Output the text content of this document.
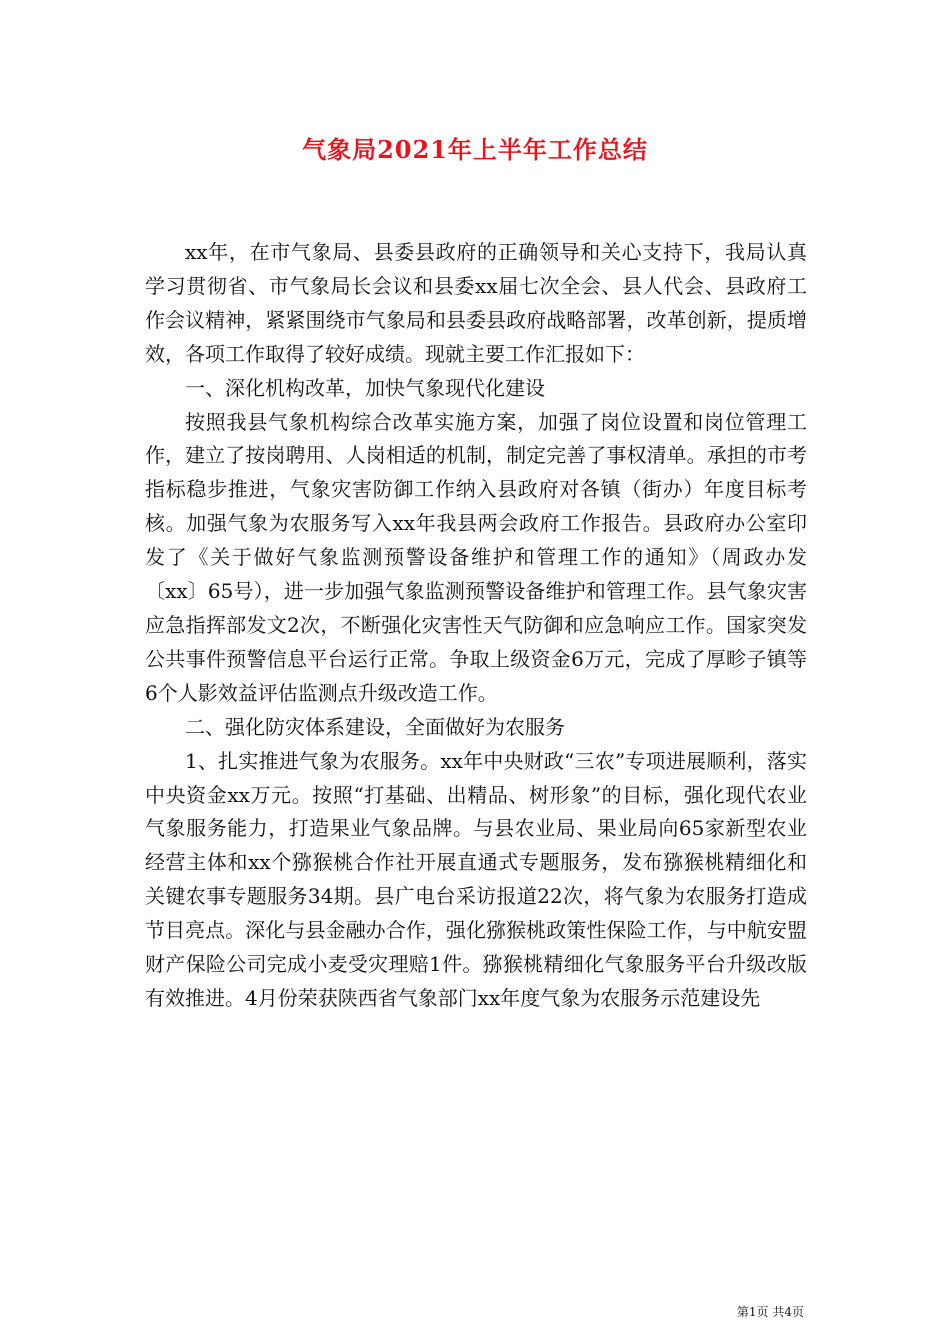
气象局2021年上半年工作总结

xx年，在市气象局、县委县政府的正确领导和关心支持下，我局认真学习贯彻省、市气象局长会议和县委xx届七次全会、县人代会、县政府工作会议精神，紧紧围绕市气象局和县委县政府战略部署，改革创新，提质增效，各项工作取得了较好成绩。现就主要工作汇报如下：

一、深化机构改革，加快气象现代化建设

按照我县气象机构综合改革实施方案，加强了岗位设置和岗位管理工作，建立了按岗聘用、人岗相适的机制，制定完善了事权清单。承担的市考指标稳步推进，气象灾害防御工作纳入县政府对各镇（街办）年度目标考核。加强气象为农服务写入xx年我县两会政府工作报告。县政府办公室印发了《关于做好气象监测预警设备维护和管理工作的通知》（周政办发〔xx〕65号），进一步加强气象监测预警设备维护和管理工作。县气象灾害应急指挥部发文2次，不断强化灾害性天气防御和应急响应工作。国家突发公共事件预警信息平台运行正常。争取上级资金6万元，完成了厚畛子镇等6个人影效益评估监测点升级改造工作。

二、强化防灾体系建设，全面做好为农服务

1、扎实推进气象为农服务。xx年中央财政“三农”专项进展顺利，落实中央资金xx万元。按照“打基础、出精品、树形象”的目标，强化现代农业气象服务能力，打造果业气象品牌。与县农业局、果业局向65家新型农业经营主体和xx个猕猴桃合作社开展直通式专题服务，发布猕猴桃精细化和关键农事专题服务34期。县广电台采访报道22次，将气象为农服务打造成节目亮点。深化与县金融办合作，强化猕猴桃政策性保险工作，与中航安盟财产保险公司完成小麦受灾理赔1件。猕猴桃精细化气象服务平台升级改版有效推进。4月份荣获陕西省气象部门xx年度气象为农服务示范建设先

第1页 共4页
